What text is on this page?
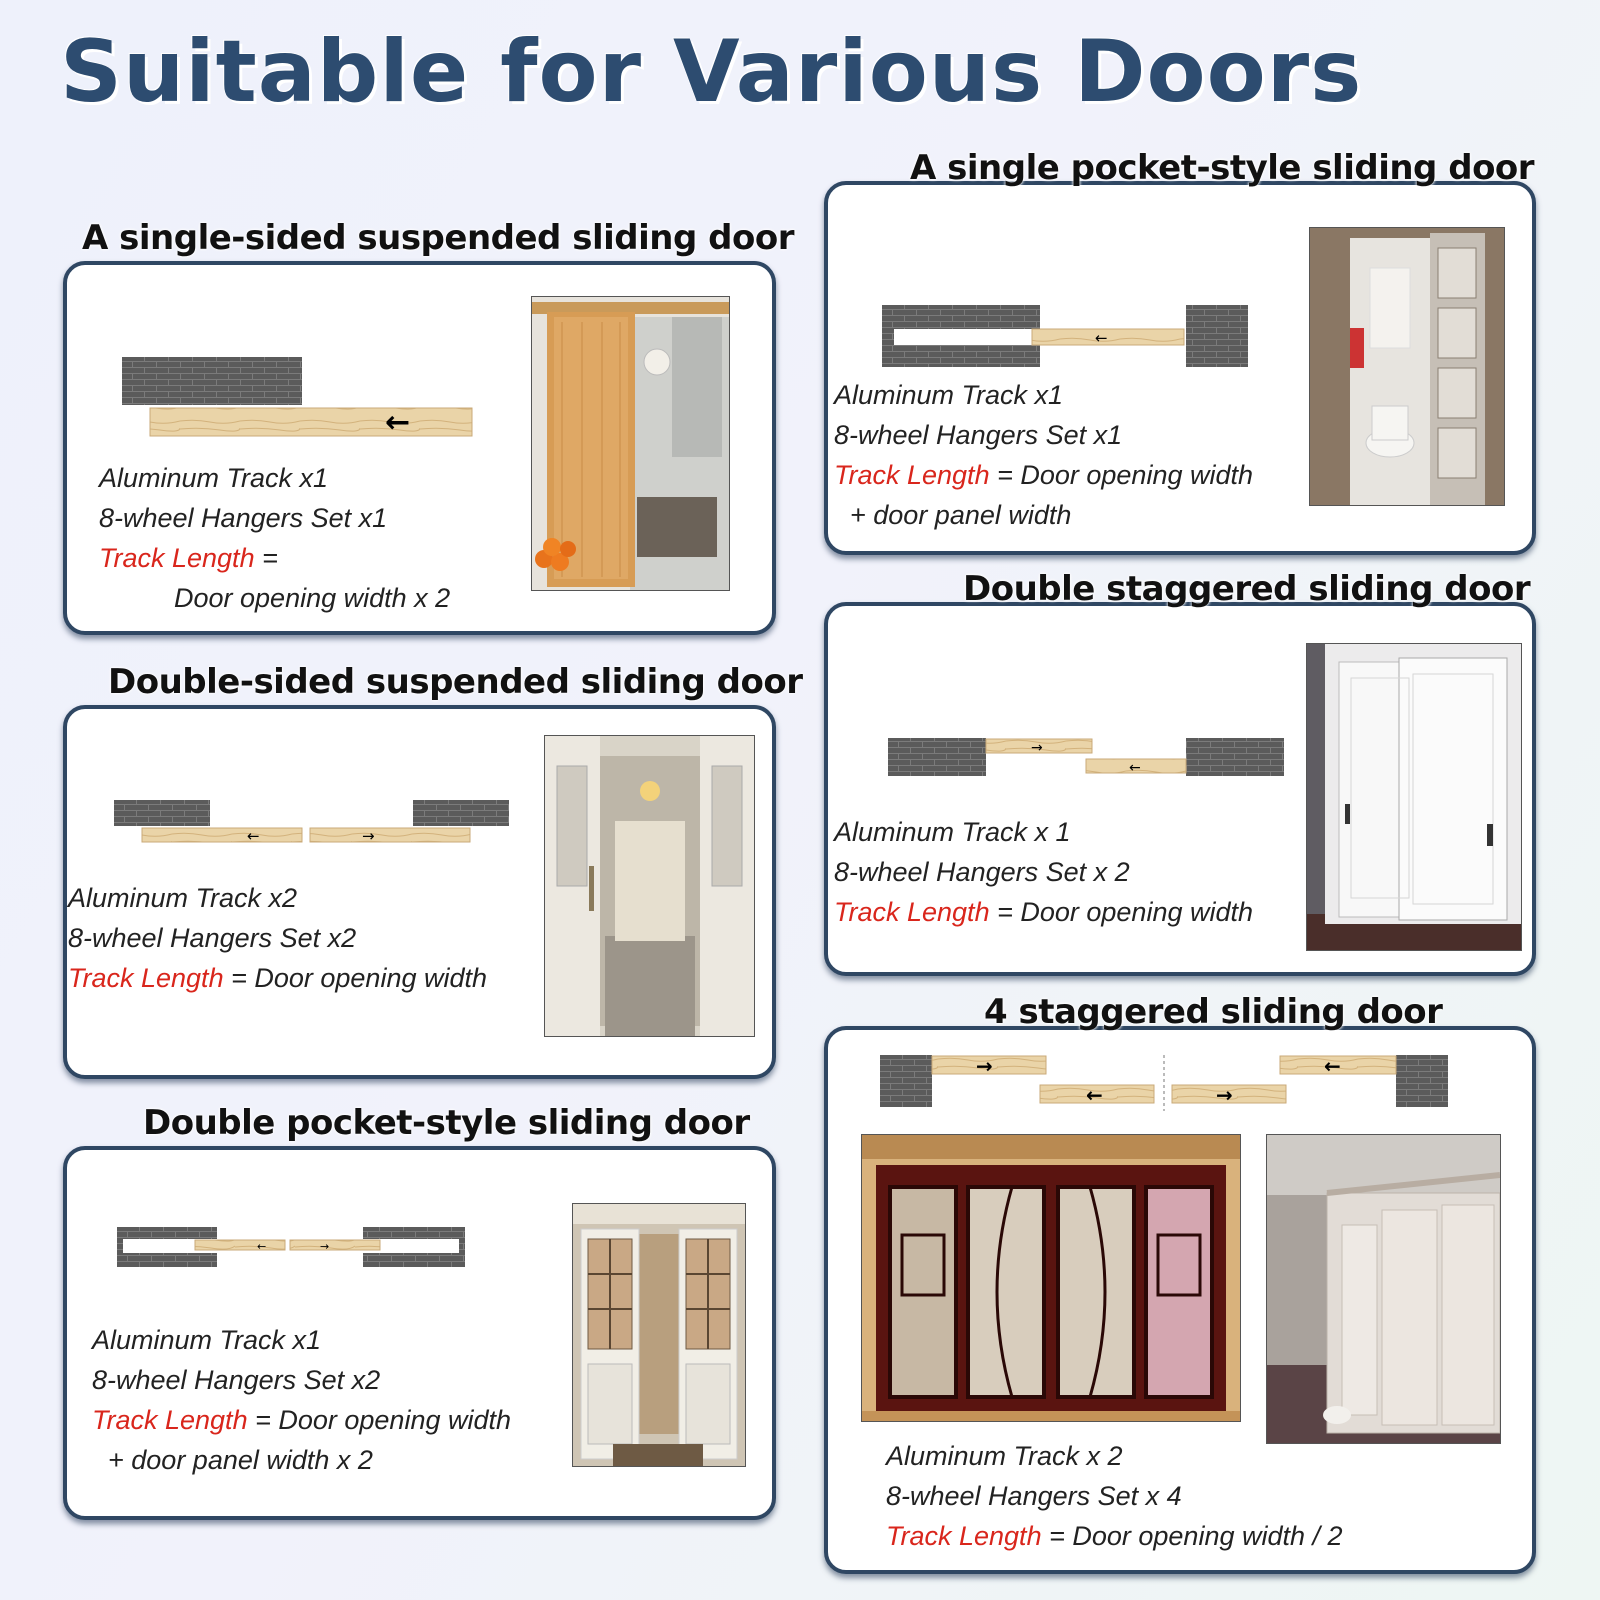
Suitable for Various Doors
A single-sided suspended sliding door
←
Aluminum Track x1
8-wheel Hangers Set x1
Track Length =
Door opening width x 2
Double-sided suspended sliding door
←	→
Aluminum Track x2
8-wheel Hangers Set x2
Track Length = Door opening width
Double pocket-style sliding door
←	→
Aluminum Track x1
8-wheel Hangers Set x2
Track Length = Door opening width
+ door panel width x 2
A single pocket-style sliding door
←
Aluminum Track x1
8-wheel Hangers Set x1
Track Length = Door opening width
+ door panel width
Double staggered sliding door
→
←
Aluminum Track x 1
8-wheel Hangers Set x 2
Track Length = Door opening width
4 staggered sliding door
→
←	→
←
Aluminum Track x 2
8-wheel Hangers Set x 4
Track Length = Door opening width / 2
